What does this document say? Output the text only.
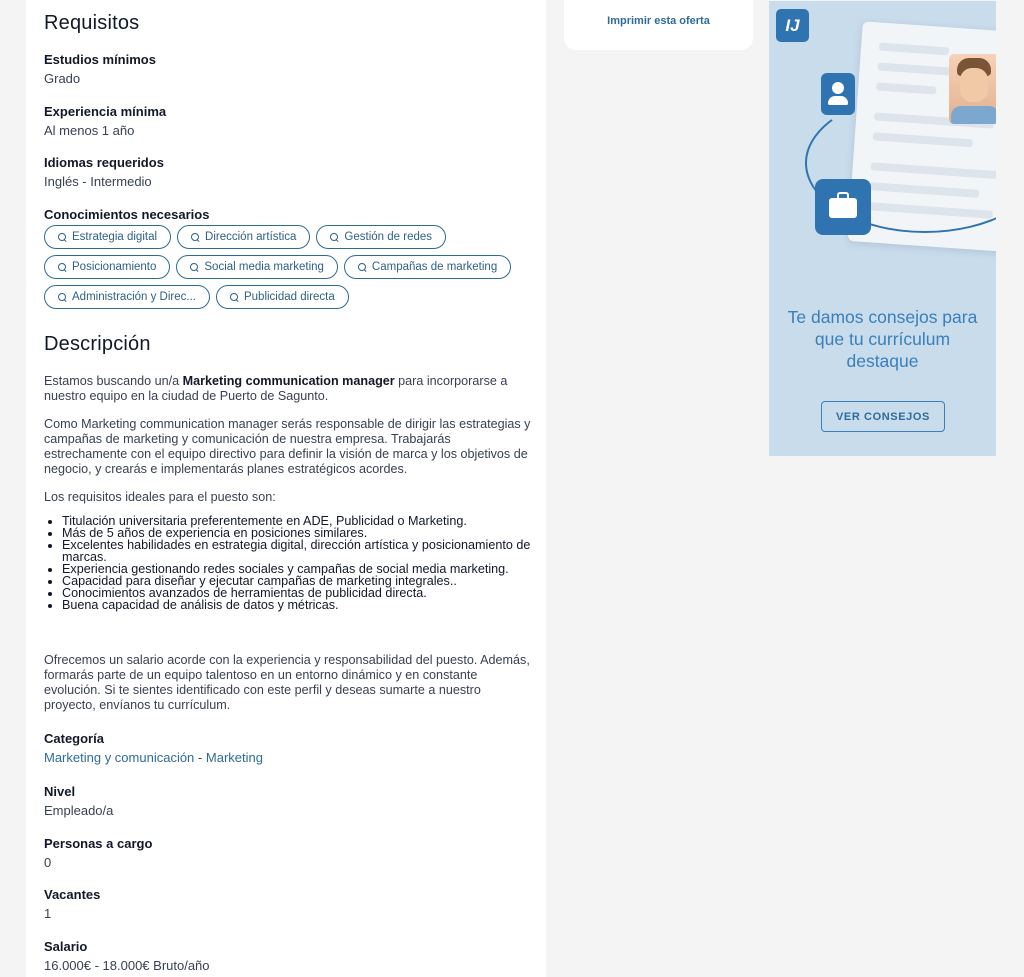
Requisitos
Estudios mínimos
Grado
Experiencia mínima
Al menos 1 año
Idiomas requeridos
Inglés - Intermedio
Conocimientos necesarios
Estrategia digital	Dirección artística	Gestión de redes
Posicionamiento	Social media marketing	Campañas de marketing
Administración y Direc...	Publicidad directa
Descripción

Estamos buscando un/a Marketing communication manager para incorporarse a nuestro equipo en la ciudad de Puerto de Sagunto.

Como Marketing communication manager serás responsable de dirigir las estrategias y campañas de marketing y comunicación de nuestra empresa. Trabajarás estrechamente con el equipo directivo para definir la visión de marca y los objetivos de negocio, y crearás e implementarás planes estratégicos acordes.

Los requisitos ideales para el puesto son:

Titulación universitaria preferentemente en ADE, Publicidad o Marketing.
Más de 5 años de experiencia en posiciones similares.
Excelentes habilidades en estrategia digital, dirección artística y posicionamiento de marcas.
Experiencia gestionando redes sociales y campañas de social media marketing.
Capacidad para diseñar y ejecutar campañas de marketing integrales..
Conocimientos avanzados de herramientas de publicidad directa.
Buena capacidad de análisis de datos y métricas.

Ofrecemos un salario acorde con la experiencia y responsabilidad del puesto. Además, formarás parte de un equipo talentoso en un entorno dinámico y en constante evolución. Si te sientes identificado con este perfil y deseas sumarte a nuestro proyecto, envíanos tu currículum.

Categoría
Marketing y comunicación - Marketing
Nivel
Empleado/a
Personas a cargo
0
Vacantes
1
Salario
16.000€ - 18.000€ Bruto/año
Imprimir esta oferta	IJ
Te damos consejos para que tu currículum destaque
VER CONSEJOS
